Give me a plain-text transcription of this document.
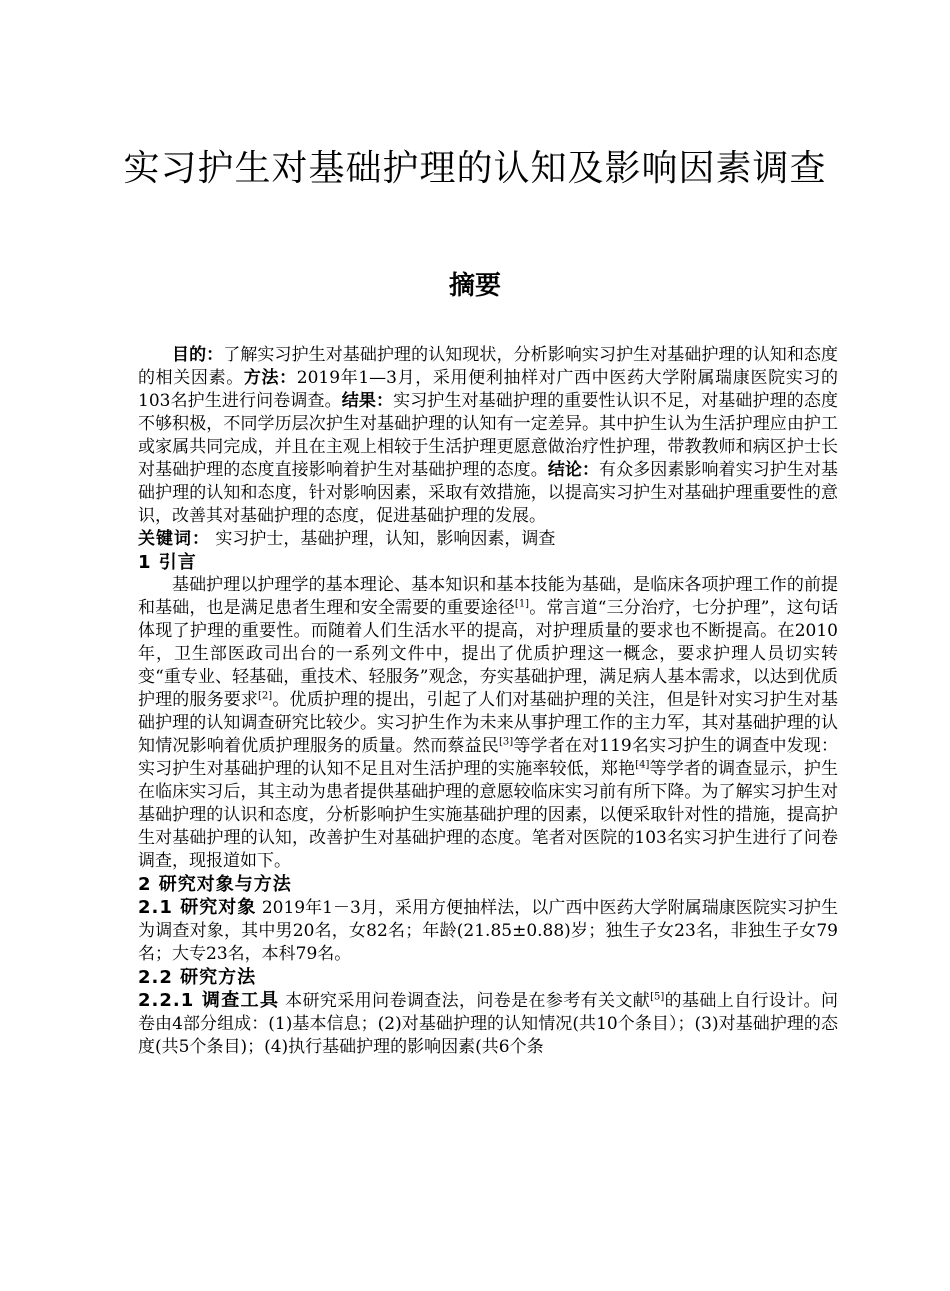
实习护生对基础护理的认知及影响因素调查
摘要

目的：了解实习护生对基础护理的认知现状，分析影响实习护生对基础护理的认知和态度的相关因素。方法：2019年1—3月，采用便利抽样对广西中医药大学附属瑞康医院实习的103名护生进行问卷调查。结果：实习护生对基础护理的重要性认识不足，对基础护理的态度不够积极，不同学历层次护生对基础护理的认知有一定差异。其中护生认为生活护理应由护工或家属共同完成，并且在主观上相较于生活护理更愿意做治疗性护理，带教教师和病区护士长对基础护理的态度直接影响着护生对基础护理的态度。结论：有众多因素影响着实习护生对基础护理的认知和态度，针对影响因素，采取有效措施，以提高实习护生对基础护理重要性的意识，改善其对基础护理的态度，促进基础护理的发展。

关键词： 实习护士，基础护理，认知，影响因素，调查

1 引言

基础护理以护理学的基本理论、基本知识和基本技能为基础，是临床各项护理工作的前提和基础，也是满足患者生理和安全需要的重要途径[1]。常言道“三分治疗，七分护理”，这句话体现了护理的重要性。而随着人们生活水平的提高，对护理质量的要求也不断提高。在2010年，卫生部医政司出台的一系列文件中，提出了优质护理这一概念，要求护理人员切实转变“重专业、轻基础，重技术、轻服务”观念，夯实基础护理，满足病人基本需求，以达到优质护理的服务要求[2]。优质护理的提出，引起了人们对基础护理的关注，但是针对实习护生对基础护理的认知调查研究比较少。实习护生作为未来从事护理工作的主力军，其对基础护理的认知情况影响着优质护理服务的质量。然而蔡益民[3]等学者在对119名实习护生的调查中发现：实习护生对基础护理的认知不足且对生活护理的实施率较低，郑艳[4]等学者的调查显示，护生在临床实习后，其主动为患者提供基础护理的意愿较临床实习前有所下降。为了解实习护生对基础护理的认识和态度，分析影响护生实施基础护理的因素，以便采取针对性的措施，提高护生对基础护理的认知，改善护生对基础护理的态度。笔者对医院的103名实习护生进行了问卷调查，现报道如下。

2 研究对象与方法

2.1 研究对象 2019年1－3月，采用方便抽样法，以广西中医药大学附属瑞康医院实习护生为调查对象，其中男20名，女82名；年龄(21.85±0.88)岁；独生子女23名，非独生子女79名；大专23名，本科79名。

2.2 研究方法

2.2.1 调查工具 本研究采用问卷调查法，问卷是在参考有关文献[5]的基础上自行设计。问卷由4部分组成：(1)基本信息；(2)对基础护理的认知情况(共10个条目）；(3)对基础护理的态度(共5个条目)；(4)执行基础护理的影响因素(共6个条
